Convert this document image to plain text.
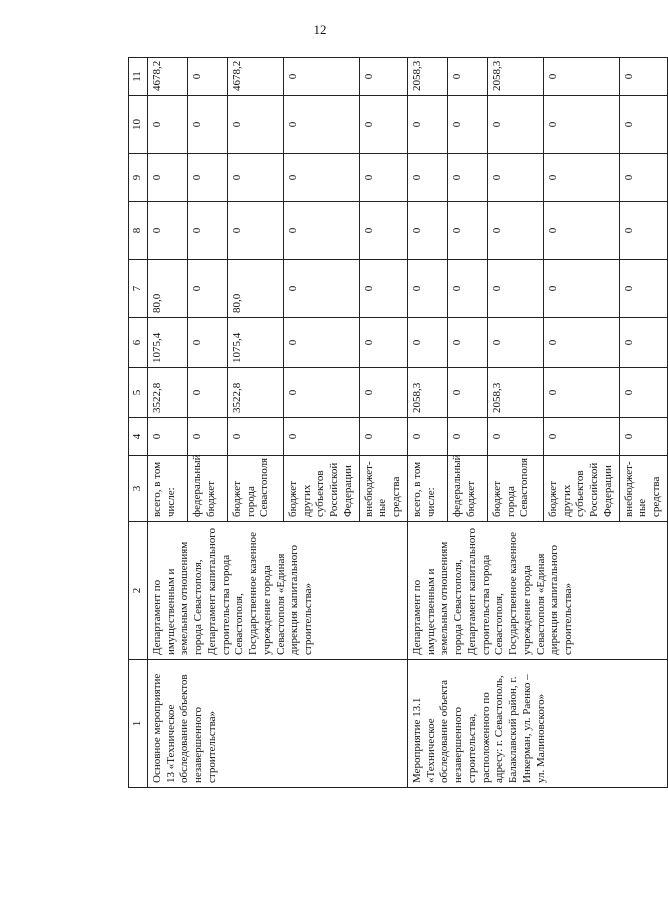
12
1	2	3	4	5	6	7	8	9	10	11
Основное мероприятие 13 «Техническое обследование объектов незавершенного строительства»	Департамент по имущественным и земельным отношениям города Севастополя, Департамент капитального строительства города Севастополя, Государственное казенное учреждение города Севастополя «Единая дирекция капитального строительства»	всего, в том числе:	0	3522,8	1075,4	80,0	0	0	0	4678,2
		федеральный бюджет	0	0	0	0	0	0	0	0
		бюджет города Севастополя	0	3522,8	1075,4	80,0	0	0	0	4678,2
		бюджет других субъектов Российской Федерации	0	0	0	0	0	0	0	0
		внебюджет-ные средства	0	0	0	0	0	0	0	0
Мероприятие 13.1 «Техническое обследование объекта незавершенного строительства, расположенного по адресу: г. Севастополь, Балаклавский район, г. Инкерман, ул. Раенко – ул. Малиновского»	Департамент по имущественным и земельным отношениям города Севастополя, Департамент капитального строительства города Севастополя, Государственное казенное учреждение города Севастополя «Единая дирекция капитального строительства»	всего, в том числе:	0	2058,3	0	0	0	0	0	2058,3
		федеральный бюджет	0	0	0	0	0	0	0	0
		бюджет города Севастополя	0	2058,3	0	0	0	0	0	2058,3
		бюджет других субъектов Российской Федерации	0	0	0	0	0	0	0	0
		внебюджет-ные средства	0	0	0	0	0	0	0	0
